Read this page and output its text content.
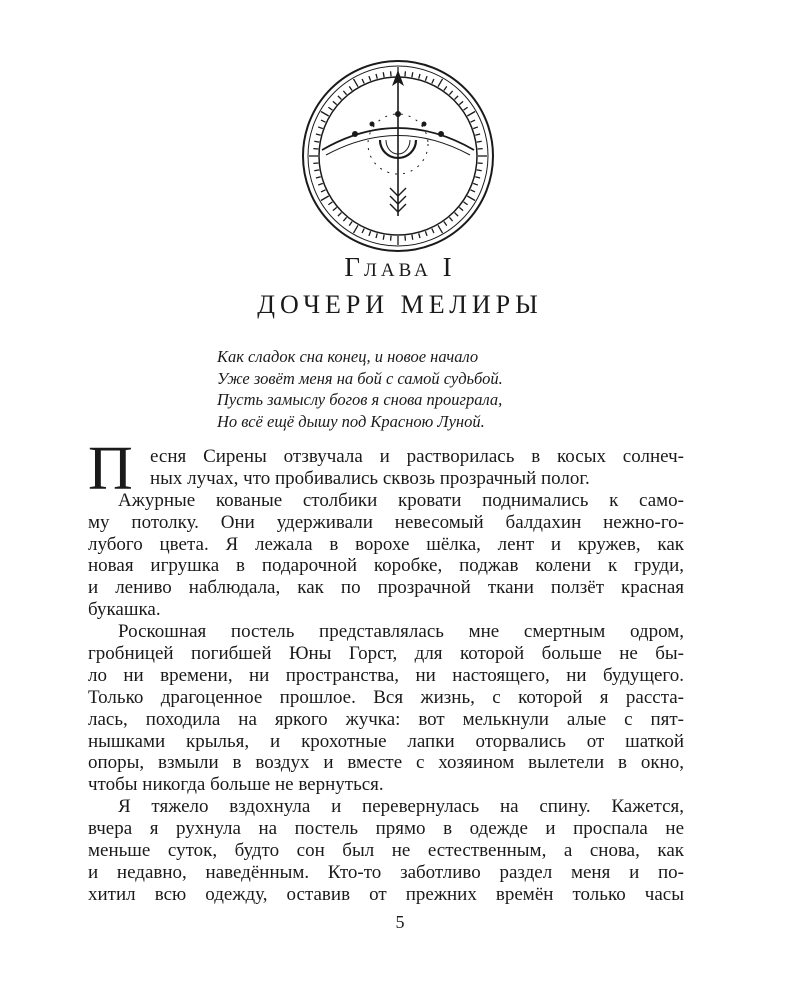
Глава I
ДОЧЕРИ МЕЛИРЫ
Как сладок сна конец, и новое начало
Уже зовёт меня на бой с самой судьбой.
Пусть замыслу богов я снова проиграла,
Но всё ещё дышу под Красною Луной.
П есня Сирены отзвучала и растворилась в косых солнеч-
ных лучах, что пробивались сквозь прозрачный полог.
Ажурные кованые столбики кровати поднимались к само-
му потолку. Они удерживали невесомый балдахин нежно-го-
лубого цвета. Я лежала в ворохе шёлка, лент и кружев, как
новая игрушка в подарочной коробке, поджав колени к груди,
и лениво наблюдала, как по прозрачной ткани ползёт красная
букашка.
Роскошная постель представлялась мне смертным одром,
гробницей погибшей Юны Горст, для которой больше не бы-
ло ни времени, ни пространства, ни настоящего, ни будущего.
Только драгоценное прошлое. Вся жизнь, с которой я расста-
лась, походила на яркого жучка: вот мелькнули алые с пят-
нышками крылья, и крохотные лапки оторвались от шаткой
опоры, взмыли в воздух и вместе с хозяином вылетели в окно,
чтобы никогда больше не вернуться.
Я тяжело вздохнула и перевернулась на спину. Кажется,
вчера я рухнула на постель прямо в одежде и проспала не
меньше суток, будто сон был не естественным, а снова, как
и недавно, наведённым. Кто-то заботливо раздел меня и по-
хитил всю одежду, оставив от прежних времён только часы
5
